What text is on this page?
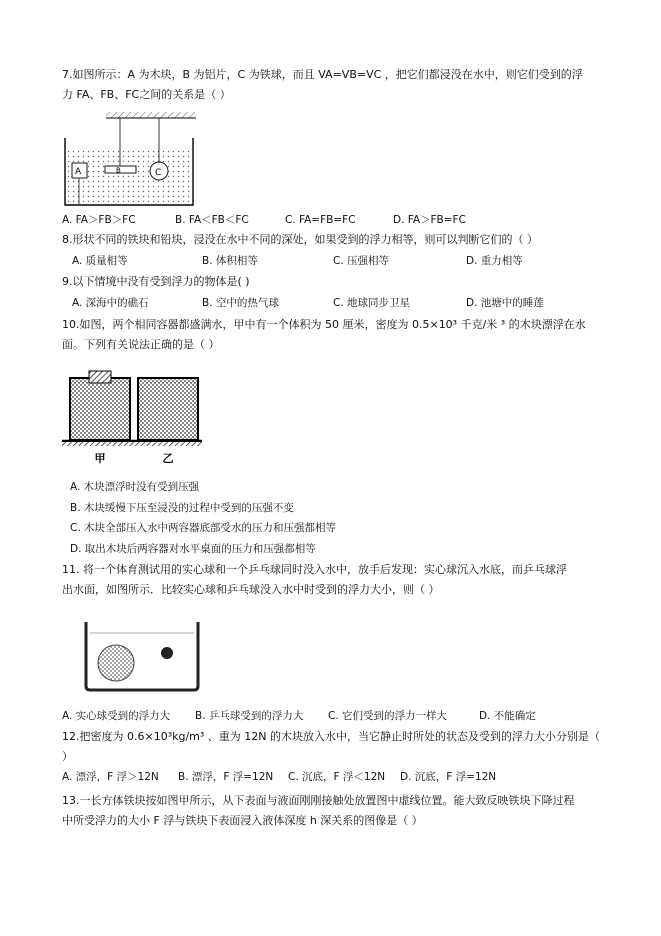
7.如图所示：A 为木块，B 为铝片，C 为铁球，而且 VA=VB=VC ，把它们都浸没在水中，则它们受到的浮
力 FA、FB、FC之间的关系是（ ）
A	B	C
A. FA＞FB＞FC	B. FA＜FB＜FC	C. FA=FB=FC	D. FA＞FB=FC
8.形状不同的铁块和铅块，浸没在水中不同的深处，如果受到的浮力相等，则可以判断它们的（ ）
A. 质量相等	B. 体积相等	C. 压强相等	D. 重力相等
9.以下情境中没有受到浮力的物体是( )
A. 深海中的礁石	B. 空中的热气球	C. 地球同步卫星	D. 池塘中的睡莲
10.如图，两个相同容器都盛满水，甲中有一个体积为 50 厘米，密度为 0.5×10³ 千克/米 ³ 的木块漂浮在水
面。下列有关说法正确的是（ ）
甲	乙
A. 木块漂浮时没有受到压强
B. 木块缓慢下压至浸没的过程中受到的压强不变
C. 木块全部压入水中两容器底部受水的压力和压强都相等
D. 取出木块后两容器对水平桌面的压力和压强都相等
11. 将一个体育测试用的实心球和一个乒乓球同时没入水中，放手后发现：实心球沉入水底，而乒乓球浮
出水面，如图所示．比较实心球和乒乓球没入水中时受到的浮力大小，则（ ）
A. 实心球受到的浮力大 B. 乒乓球受到的浮力大 C. 它们受到的浮力一样大	D. 不能确定
12.把密度为 0.6×10³kg/m³ 、重为 12N 的木块放入水中，当它静止时所处的状态及受到的浮力大小分别是（
）
A. 漂浮，F 浮＞12N B. 漂浮，F 浮=12N C. 沉底，F 浮＜12N D. 沉底，F 浮=12N
13.一长方体铁块按如图甲所示，从下表面与液面刚刚接触处放置图中虚线位置。能大致反映铁块下降过程
中所受浮力的大小 F 浮与铁块下表面浸入液体深度 h 深关系的图像是（ ）
